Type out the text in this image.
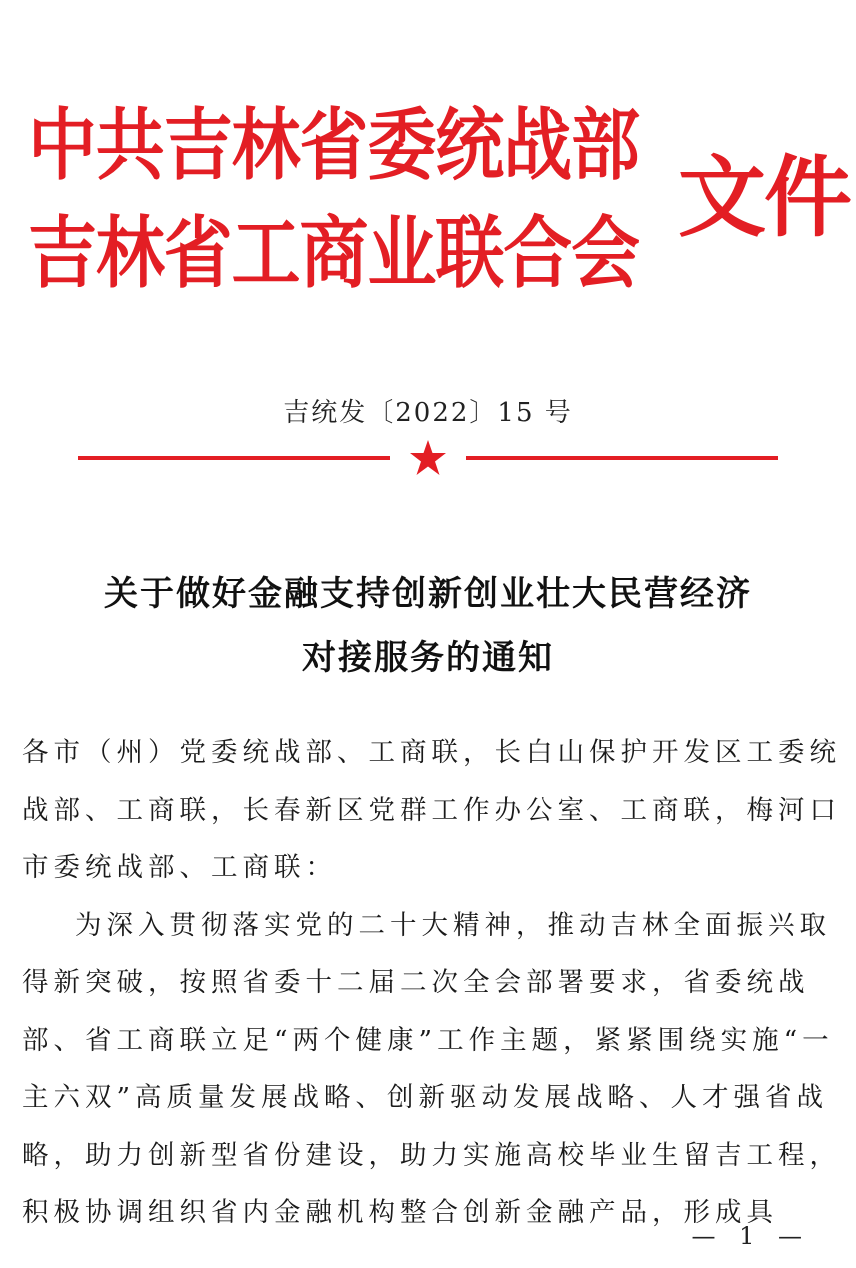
中共吉林省委统战部
吉林省工商业联合会
文件
吉统发〔2022〕15 号
关于做好金融支持创新创业壮大民营经济
对接服务的通知

各市（州）党委统战部、工商联，长白山保护开发区工委统战部、工商联，长春新区党群工作办公室、工商联，梅河口市委统战部、工商联：

为深入贯彻落实党的二十大精神，推动吉林全面振兴取得新突破，按照省委十二届二次全会部署要求，省委统战部、省工商联立足“两个健康”工作主题，紧紧围绕实施“一主六双”高质量发展战略、创新驱动发展战略、人才强省战略，助力创新型省份建设，助力实施高校毕业生留吉工程，积极协调组织省内金融机构整合创新金融产品，形成具

— 1 —
